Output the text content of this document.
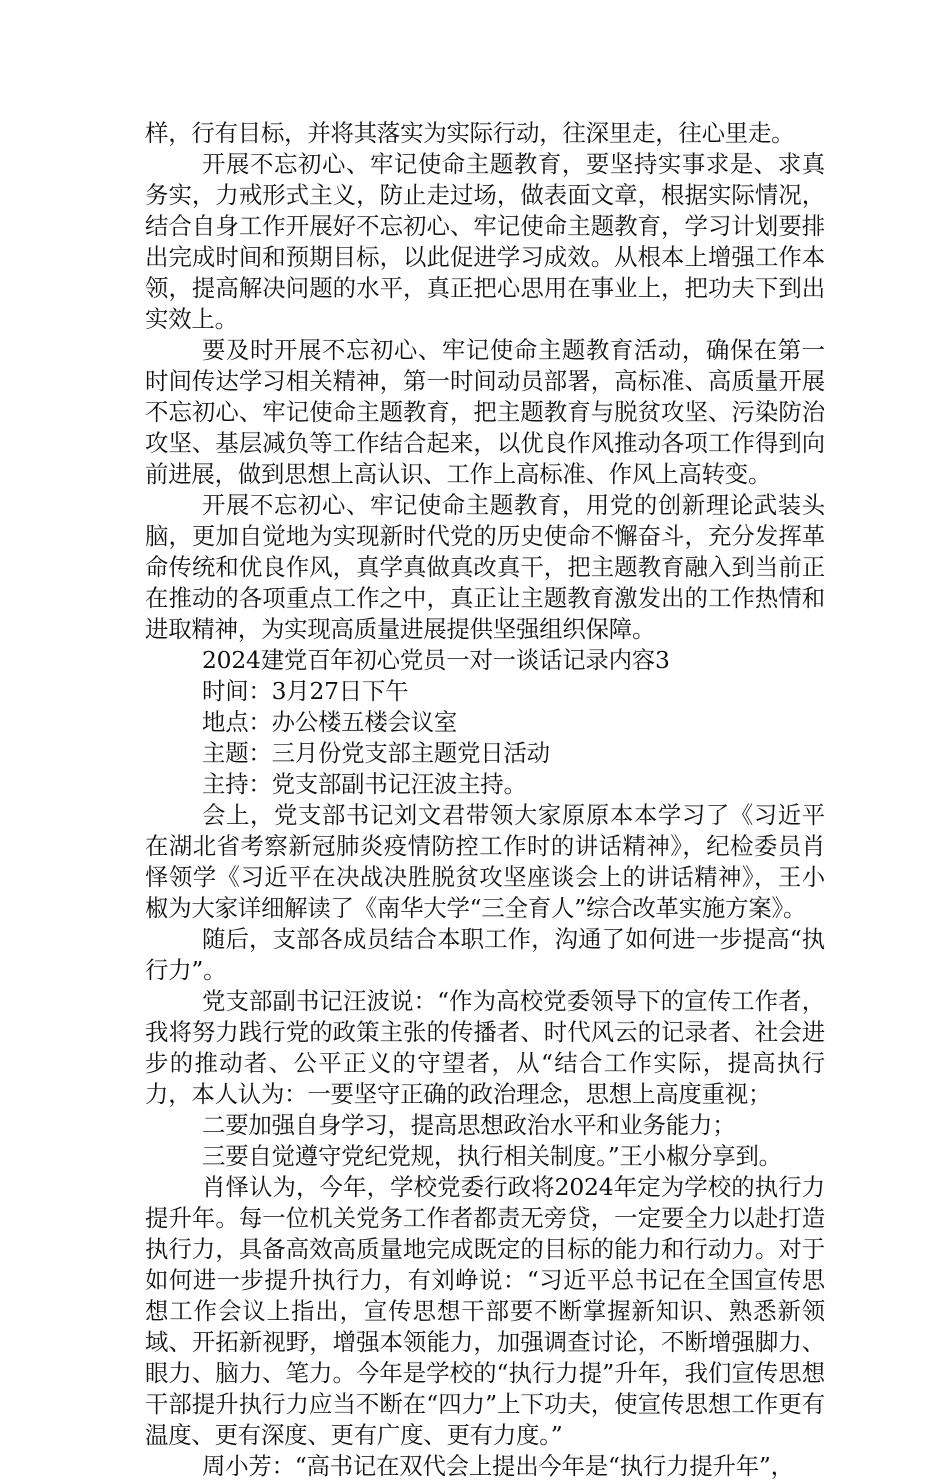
样，行有目标，并将其落实为实际行动，往深里走，往心里走。

开展不忘初心、牢记使命主题教育，要坚持实事求是、求真务实，力戒形式主义，防止走过场，做表面文章，根据实际情况，结合自身工作开展好不忘初心、牢记使命主题教育，学习计划要排出完成时间和预期目标，以此促进学习成效。从根本上增强工作本领，提高解决问题的水平，真正把心思用在事业上，把功夫下到出实效上。

要及时开展不忘初心、牢记使命主题教育活动，确保在第一时间传达学习相关精神，第一时间动员部署，高标准、高质量开展不忘初心、牢记使命主题教育，把主题教育与脱贫攻坚、污染防治攻坚、基层减负等工作结合起来，以优良作风推动各项工作得到向前进展，做到思想上高认识、工作上高标准、作风上高转变。

开展不忘初心、牢记使命主题教育，用党的创新理论武装头脑，更加自觉地为实现新时代党的历史使命不懈奋斗，充分发挥革命传统和优良作风，真学真做真改真干，把主题教育融入到当前正在推动的各项重点工作之中，真正让主题教育激发出的工作热情和进取精神，为实现高质量进展提供坚强组织保障。

2024建党百年初心党员一对一谈话记录内容3

时间：3月27日下午

地点：办公楼五楼会议室

主题：三月份党支部主题党日活动

主持：党支部副书记汪波主持。

会上，党支部书记刘文君带领大家原原本本学习了《习近平在湖北省考察新冠肺炎疫情防控工作时的讲话精神》，纪检委员肖怿领学《习近平在决战决胜脱贫攻坚座谈会上的讲话精神》，王小椒为大家详细解读了《南华大学“三全育人”综合改革实施方案》。

随后，支部各成员结合本职工作，沟通了如何进一步提高“执行力”。

党支部副书记汪波说：“作为高校党委领导下的宣传工作者，我将努力践行党的政策主张的传播者、时代风云的记录者、社会进步的推动者、公平正义的守望者，从“结合工作实际，提高执行力，本人认为：一要坚守正确的政治理念，思想上高度重视；

二要加强自身学习，提高思想政治水平和业务能力；

三要自觉遵守党纪党规，执行相关制度。”王小椒分享到。

肖怿认为，今年，学校党委行政将2024年定为学校的执行力提升年。每一位机关党务工作者都责无旁贷，一定要全力以赴打造执行力，具备高效高质量地完成既定的目标的能力和行动力。对于如何进一步提升执行力，有刘峥说：“习近平总书记在全国宣传思想工作会议上指出，宣传思想干部要不断掌握新知识、熟悉新领域、开拓新视野，增强本领能力，加强调查讨论，不断增强脚力、眼力、脑力、笔力。今年是学校的“执行力提”升年，我们宣传思想干部提升执行力应当不断在“四力”上下功夫，使宣传思想工作更有温度、更有深度、更有广度、更有力度。”

周小芳：“高书记在双代会上提出今年是“执行力提升年”，
